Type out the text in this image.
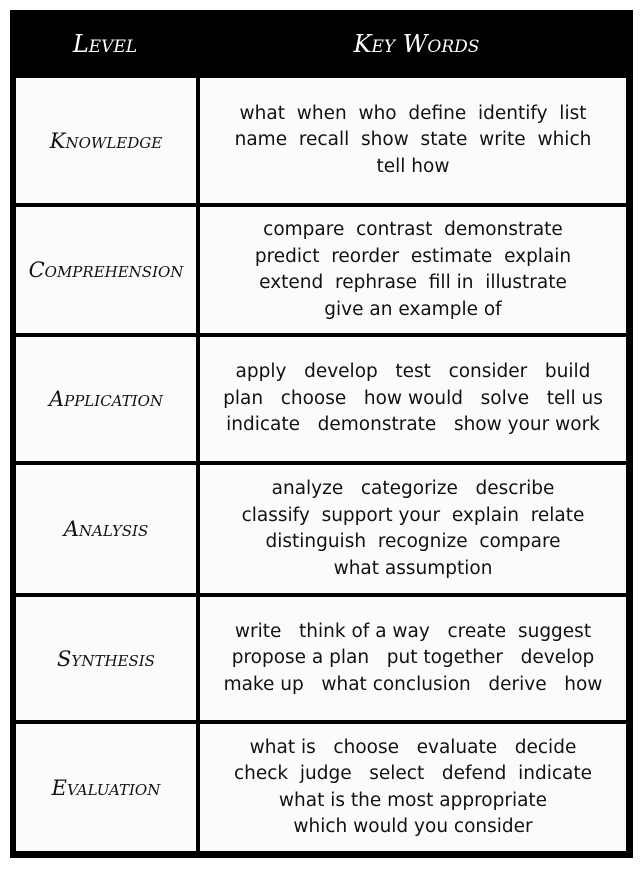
Level	Key Words
Knowledge
what  when  who  define  identify  list
name  recall  show  state  write  which
tell how
Comprehension
compare  contrast  demonstrate
predict  reorder  estimate  explain
extend  rephrase  fill in  illustrate
give an example of
Application
apply   develop   test   consider   build
plan   choose   how would   solve   tell us
indicate   demonstrate   show your work
Analysis
analyze   categorize   describe
classify  support your  explain  relate
distinguish  recognize  compare
what assumption
Synthesis
write   think of a way   create  suggest
propose a plan   put together   develop
make up   what conclusion   derive   how
Evaluation
what is   choose   evaluate   decide
check  judge   select   defend  indicate
what is the most appropriate
which would you consider
